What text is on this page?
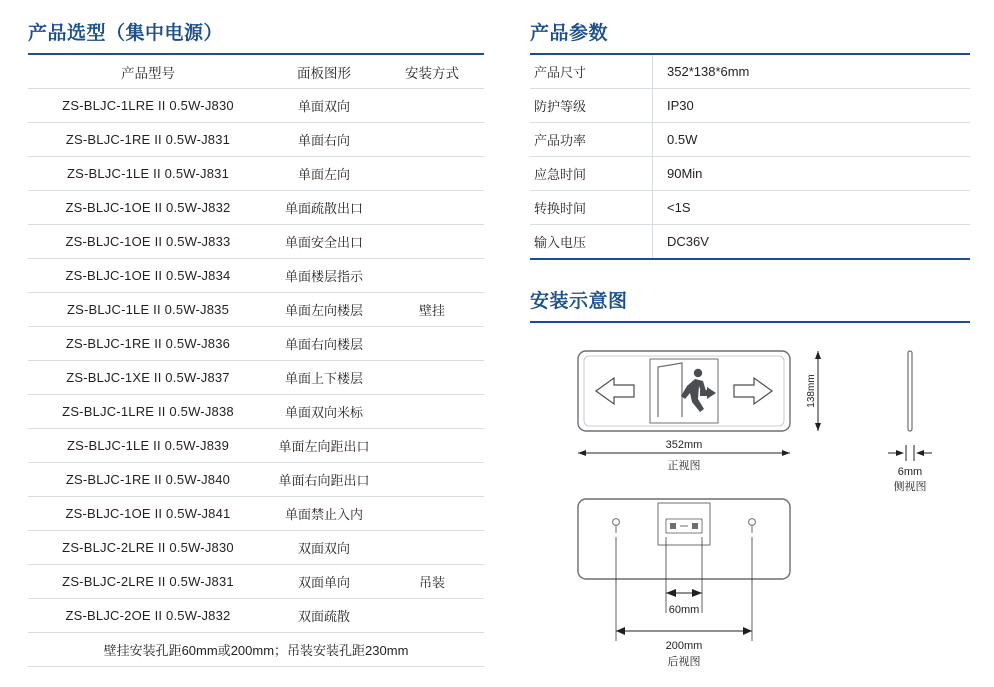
产品选型（集中电源）
产品型号	面板图形	安装方式
ZS-BLJC-1LRE II 0.5W-J830	单面双向	
ZS-BLJC-1RE II 0.5W-J831	单面右向	
ZS-BLJC-1LE II 0.5W-J831	单面左向	
ZS-BLJC-1OE II 0.5W-J832	单面疏散出口	
ZS-BLJC-1OE II 0.5W-J833	单面安全出口	
ZS-BLJC-1OE II 0.5W-J834	单面楼层指示	
ZS-BLJC-1LE II 0.5W-J835	单面左向楼层	壁挂
ZS-BLJC-1RE II 0.5W-J836	单面右向楼层	
ZS-BLJC-1XE II 0.5W-J837	单面上下楼层	
ZS-BLJC-1LRE II 0.5W-J838	单面双向米标	
ZS-BLJC-1LE II 0.5W-J839	单面左向距出口	
ZS-BLJC-1RE II 0.5W-J840	单面右向距出口	
ZS-BLJC-1OE II 0.5W-J841	单面禁止入内	
ZS-BLJC-2LRE II 0.5W-J830	双面双向	
ZS-BLJC-2LRE II 0.5W-J831	双面单向	吊装
ZS-BLJC-2OE II 0.5W-J832	双面疏散	
壁挂安装孔距60mm或200mm；吊装安装孔距230mm		
产品参数
产品尺寸	352*138*6mm
防护等级	IP30
产品功率	0.5W
应急时间	90Min
转换时间	<1S
输入电压	DC36V
安装示意图
352mm
正视图
138mm
6mm
侧视图
60mm
200mm
后视图
